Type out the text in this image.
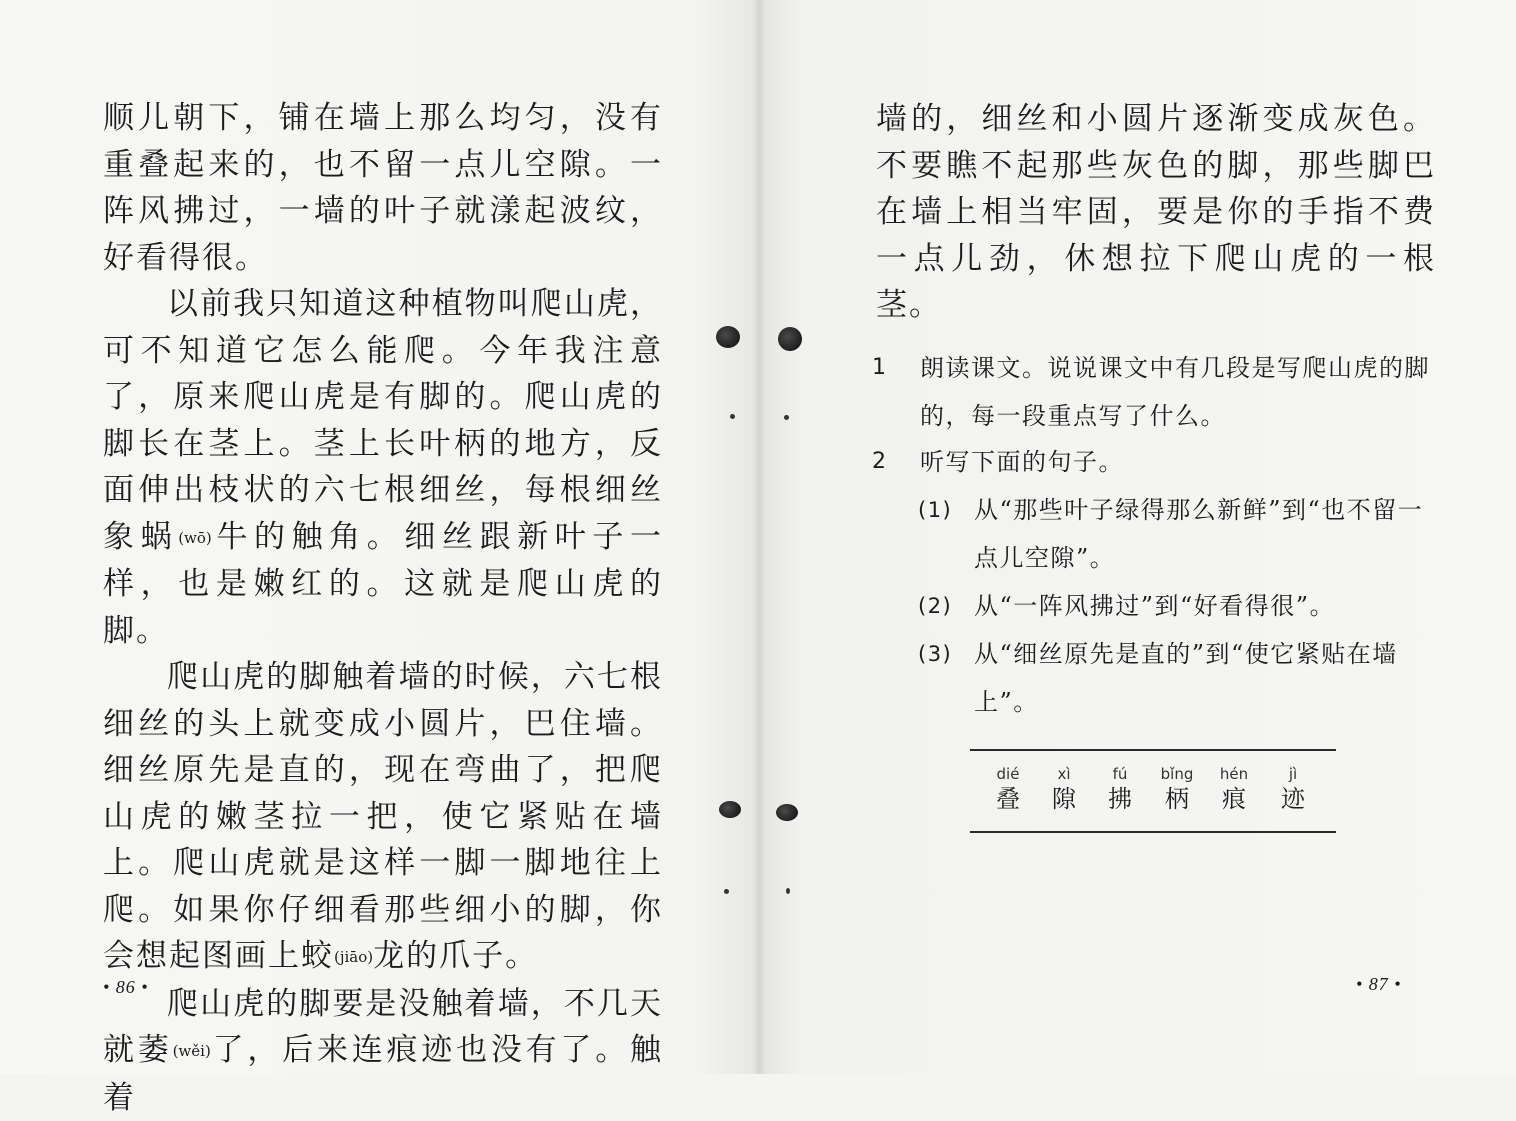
顺儿朝下，铺在墙上那么均匀，没有重叠起来的，也不留一点儿空隙。一阵风拂过，一墙的叶子就漾起波纹，好看得很。

以前我只知道这种植物叫爬山虎，可不知道它怎么能爬。今年我注意了，原来爬山虎是有脚的。爬山虎的脚长在茎上。茎上长叶柄的地方，反面伸出枝状的六七根细丝，每根细丝象蜗(wō)牛的触角。细丝跟新叶子一样，也是嫩红的。这就是爬山虎的脚。

爬山虎的脚触着墙的时候，六七根细丝的头上就变成小圆片，巴住墙。细丝原先是直的，现在弯曲了，把爬山虎的嫩茎拉一把，使它紧贴在墙上。爬山虎就是这样一脚一脚地往上爬。如果你仔细看那些细小的脚，你会想起图画上蛟(jiāo)龙的爪子。

爬山虎的脚要是没触着墙，不几天就萎(wěi)了，后来连痕迹也没有了。触着

• 86 •

墙的，细丝和小圆片逐渐变成灰色。不要瞧不起那些灰色的脚，那些脚巴在墙上相当牢固，要是你的手指不费一点儿劲，休想拉下爬山虎的一根茎。

1 朗读课文。说说课文中有几段是写爬山虎的脚的，每一段重点写了什么。
2 听写下面的句子。
(1) 从“那些叶子绿得那么新鲜”到“也不留一点儿空隙”。
(2) 从“一阵风拂过”到“好看得很”。
(3) 从“细丝原先是直的”到“使它紧贴在墙上”。
dié
叠
xì
隙
fú
拂
bǐng
柄
hén
痕
jì
迹
• 87 •
